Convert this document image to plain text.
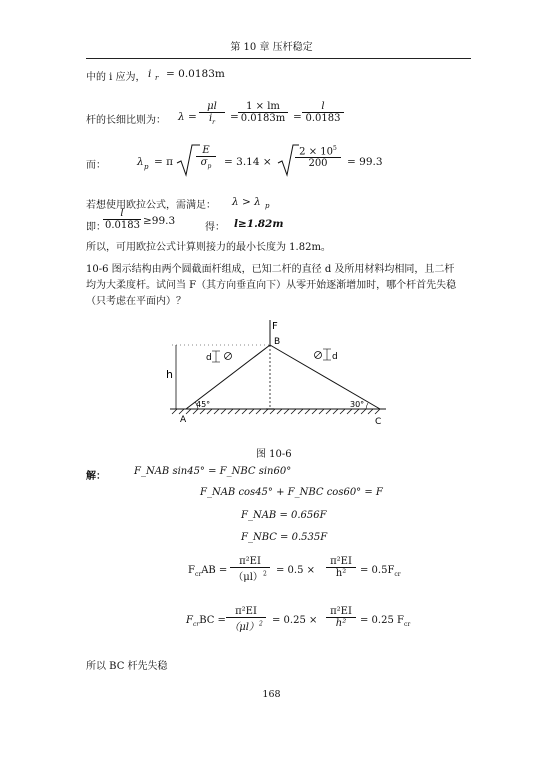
第 10 章 压杆稳定
中的 i 应为， i r = 0.0183m
杆的长细比则为： $\lambda = \frac{\mu l}{i_r} = \frac{1 \times lm}{0.0183m} = \frac{l}{0.0183}$
而：	λ p = π $\frac{E}{\sigma_p} = 3.14 \times \frac{2 \times 10^5}{200} = 99.3$
若想使用欧拉公式，需满足： λ > λ p
即：
$\frac{l}{0.0183} \ge 99.3$
得： l≥1.82m
所以，可用欧拉公式计算则接力的最小长度为 1.82m。
10-6 图示结构由两个圆截面杆组成，已知二杆的直径 d 及所用材料均相同，且二杆均为大柔度杆。试问当 F（其方向垂直向下）从零开始逐渐增加时，哪个杆首先失稳（只考虑在平面内）？
F
B
A	C
h
d	d
45°	30°
图 10-6
解：	F_NAB sin45° = F_NBC sin60°
F_NAB cos45° + F_NBC cos60° = F
F_NAB = 0.656F
F_NBC = 0.535F
$F_{cr}AB = \frac{\text{π²EI}}{(\mu l)^2} = 0.5 \times \frac{\text{π²EI}}{\text{h²}} = 0.5F_{cr}$
$F_{cr}BC = \frac{\text{π²EI}}{(\mu l)^2} = 0.25 \times \frac{\text{π²EI}}{\text{h²}} = 0.25$ $F_{cr}$
所以 BC 杆先失稳
168
